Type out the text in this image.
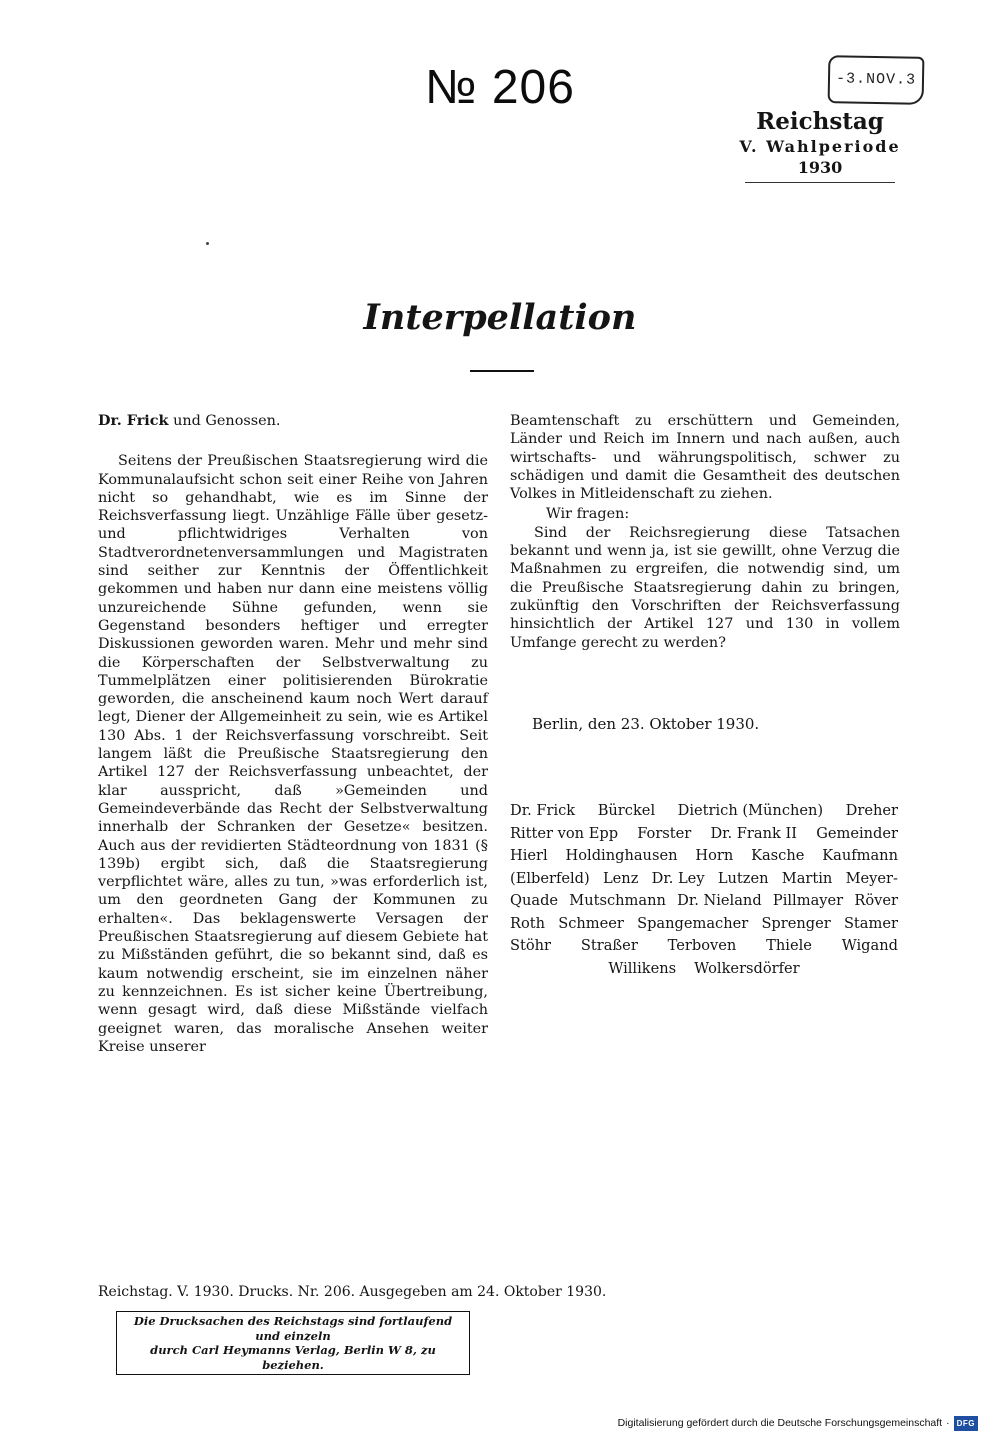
№ 206	-3.NOV.3
Reichstag
V. Wahlperiode
1930
Interpellation
Dr. Frick und Genossen.

Seitens der Preußischen Staatsregierung wird die Kommunalaufsicht schon seit einer Reihe von Jahren nicht so gehandhabt, wie es im Sinne der Reichsverfassung liegt. Unzählige Fälle über gesetz- und pflichtwidriges Verhalten von Stadtverordnetenversammlungen und Magistraten sind seither zur Kenntnis der Öffentlichkeit gekommen und haben nur dann eine meistens völlig unzureichende Sühne gefunden, wenn sie Gegenstand besonders heftiger und erregter Diskussionen geworden waren. Mehr und mehr sind die Körperschaften der Selbstverwaltung zu Tummelplätzen einer politisierenden Bürokratie geworden, die anscheinend kaum noch Wert darauf legt, Diener der Allgemeinheit zu sein, wie es Artikel 130 Abs. 1 der Reichsverfassung vorschreibt. Seit langem läßt die Preußische Staatsregierung den Artikel 127 der Reichsverfassung unbeachtet, der klar ausspricht, daß »Gemeinden und Gemeindeverbände das Recht der Selbstverwaltung innerhalb der Schranken der Gesetze« besitzen. Auch aus der revidierten Städteordnung von 1831 (§ 139b) ergibt sich, daß die Staatsregierung verpflichtet wäre, alles zu tun, »was erforderlich ist, um den geordneten Gang der Kommunen zu erhalten«. Das beklagenswerte Versagen der Preußischen Staatsregierung auf diesem Gebiete hat zu Mißständen geführt, die so bekannt sind, daß es kaum notwendig erscheint, sie im einzelnen näher zu kennzeichnen. Es ist sicher keine Übertreibung, wenn gesagt wird, daß diese Mißstände vielfach geeignet waren, das moralische Ansehen weiter Kreise unserer

Beamtenschaft zu erschüttern und Gemeinden, Länder und Reich im Innern und nach außen, auch wirtschafts- und währungspolitisch, schwer zu schädigen und damit die Gesamtheit des deutschen Volkes in Mitleidenschaft zu ziehen.

Wir fragen:

Sind der Reichsregierung diese Tatsachen bekannt und wenn ja, ist sie gewillt, ohne Verzug die Maßnahmen zu ergreifen, die notwendig sind, um die Preußische Staatsregierung dahin zu bringen, zukünftig den Vorschriften der Reichsverfassung hinsichtlich der Artikel 127 und 130 in vollem Umfange gerecht zu werden?

Berlin, den 23. Oktober 1930.
Dr. Frick Bürckel Dietrich (München) Dreher
Ritter von Epp Forster Dr. Frank II Gemeinder
Hierl Holdinghausen Horn Kasche Kaufmann
(Elberfeld) Lenz Dr. Ley Lutzen Martin Meyer-
Quade Mutschmann Dr. Nieland Pillmayer Röver
Roth Schmeer Spangemacher Sprenger Stamer
Stöhr Straßer Terboven Thiele Wigand
Willikens Wolkersdörfer
Reichstag. V. 1930. Drucks. Nr. 206. Ausgegeben am 24. Oktober 1930.
Die Drucksachen des Reichstags sind fortlaufend und einzeln
durch Carl Heymanns Verlag, Berlin W 8, zu beziehen.
Digitalisierung gefördert durch die Deutsche Forschungsgemeinschaft · DFG
